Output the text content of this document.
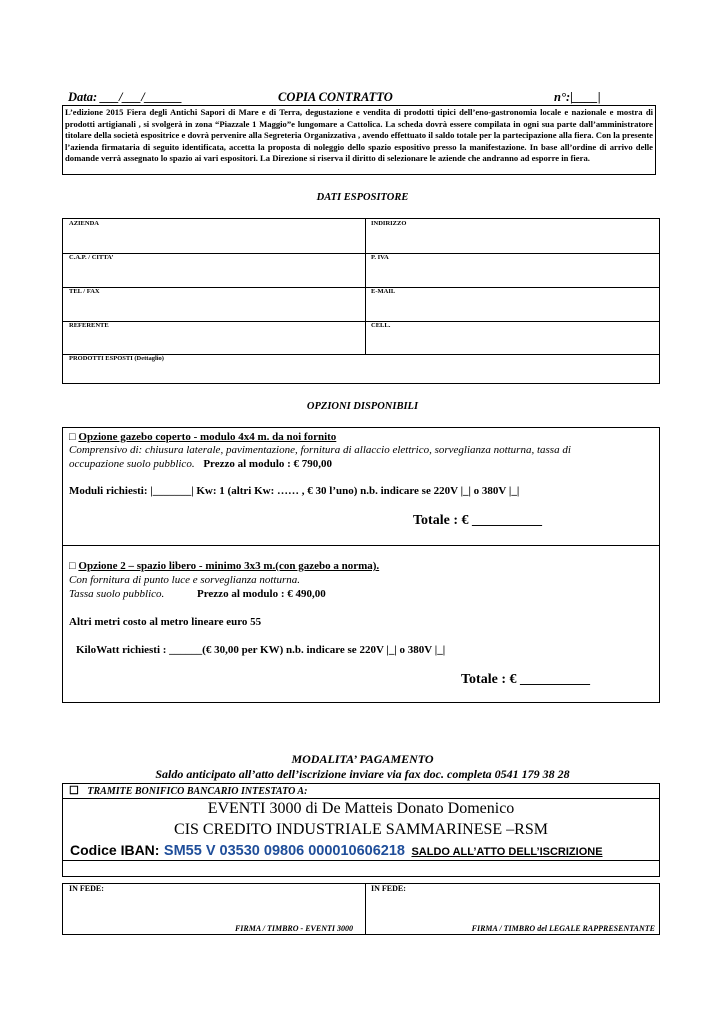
Data: ___/___/______	COPIA CONTRATTO	n°:|____|
L’edizione 2015 Fiera degli Antichi Sapori di Mare e di Terra, degustazione e vendita di prodotti tipici dell’eno-gastronomia locale e nazionale e mostra di prodotti artigianali , si svolgerà in zona “Piazzale 1 Maggio”e lungomare a Cattolica. La scheda dovrà essere compilata in ogni sua parte dall’amministratore titolare della società espositrice e dovrà pervenire alla Segreteria Organizzativa , avendo effettuato il saldo totale per la partecipazione alla fiera. Con la presente l’azienda firmataria di seguito identificata, accetta la proposta di noleggio dello spazio espositivo presso la manifestazione. In base all’ordine di arrivo delle domande verrà assegnato lo spazio ai vari espositori. La Direzione si riserva il diritto di selezionare le aziende che andranno ad esporre in fiera.
DATI ESPOSITORE
AZIENDA	INDIRIZZO
C.A.P. / CITTA’	P. IVA
TEL / FAX	E-MAIL
REFERENTE	CELL.
PRODOTTI ESPOSTI (Dettaglio)
OPZIONI DISPONIBILI
□ Opzione gazebo coperto - modulo 4x4 m. da noi fornito
Comprensivo di: chiusura laterale, pavimentazione, fornitura di allaccio elettrico, sorveglianza notturna, tassa di
occupazione suolo pubblico. Prezzo al modulo : € 790,00
Moduli richiesti: |_______| Kw: 1 (altri Kw: …… , € 30 l’uno) n.b. indicare se 220V |_| o 380V |_|
Totale : € __________
□ Opzione 2 – spazio libero - minimo 3x3 m.(con gazebo a norma).
Con fornitura di punto luce e sorveglianza notturna.
Tassa suolo pubblico.	Prezzo al modulo : € 490,00
Altri metri costo al metro lineare euro 55
KiloWatt richiesti : ______(€ 30,00 per KW) n.b. indicare se 220V |_| o 380V |_|
Totale : € __________
MODALITA’ PAGAMENTO
Saldo anticipato all’atto dell’iscrizione inviare via fax doc. completa 0541 179 38 28
☐ TRAMITE BONIFICO BANCARIO INTESTATO A:
EVENTI 3000 di De Matteis Donato Domenico
CIS CREDITO INDUSTRIALE SAMMARINESE –RSM
Codice IBAN: SM55 V 03530 09806 000010606218 SALDO ALL’ATTO DELL’ISCRIZIONE
IN FEDE:	IN FEDE:
FIRMA / TIMBRO - EVENTI 3000	FIRMA / TIMBRO del LEGALE RAPPRESENTANTE
